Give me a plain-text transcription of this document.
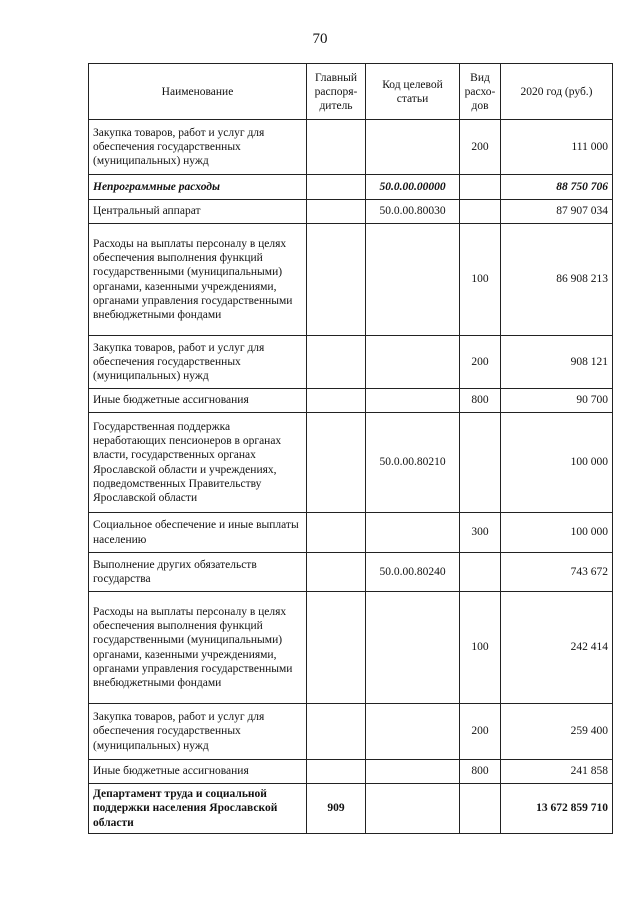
70
Наименование	Главный распоря- дитель	Код целевой статьи	Вид расхо- дов	2020 год (руб.)
Закупка товаров, работ и услуг для обеспечения государственных (муниципальных) нужд			200	111 000
Непрограммные расходы		50.0.00.00000		88 750 706
Центральный аппарат		50.0.00.80030		87 907 034
Расходы на выплаты персоналу в целях обеспечения выполнения функций государственными (муниципальными) органами, казенными учреждениями, органами управления государственными внебюджетными фондами			100	86 908 213
Закупка товаров, работ и услуг для обеспечения государственных (муниципальных) нужд			200	908 121
Иные бюджетные ассигнования			800	90 700
Государственная поддержка неработающих пенсионеров в органах власти, государственных органах Ярославской области и учреждениях, подведомственных Правительству Ярославской области		50.0.00.80210		100 000
Социальное обеспечение и иные выплаты населению			300	100 000
Выполнение других обязательств государства		50.0.00.80240		743 672
Расходы на выплаты персоналу в целях обеспечения выполнения функций государственными (муниципальными) органами, казенными учреждениями, органами управления государственными внебюджетными фондами			100	242 414
Закупка товаров, работ и услуг для обеспечения государственных (муниципальных) нужд			200	259 400
Иные бюджетные ассигнования			800	241 858
Департамент труда и социальной поддержки населения Ярославской области	909			13 672 859 710
